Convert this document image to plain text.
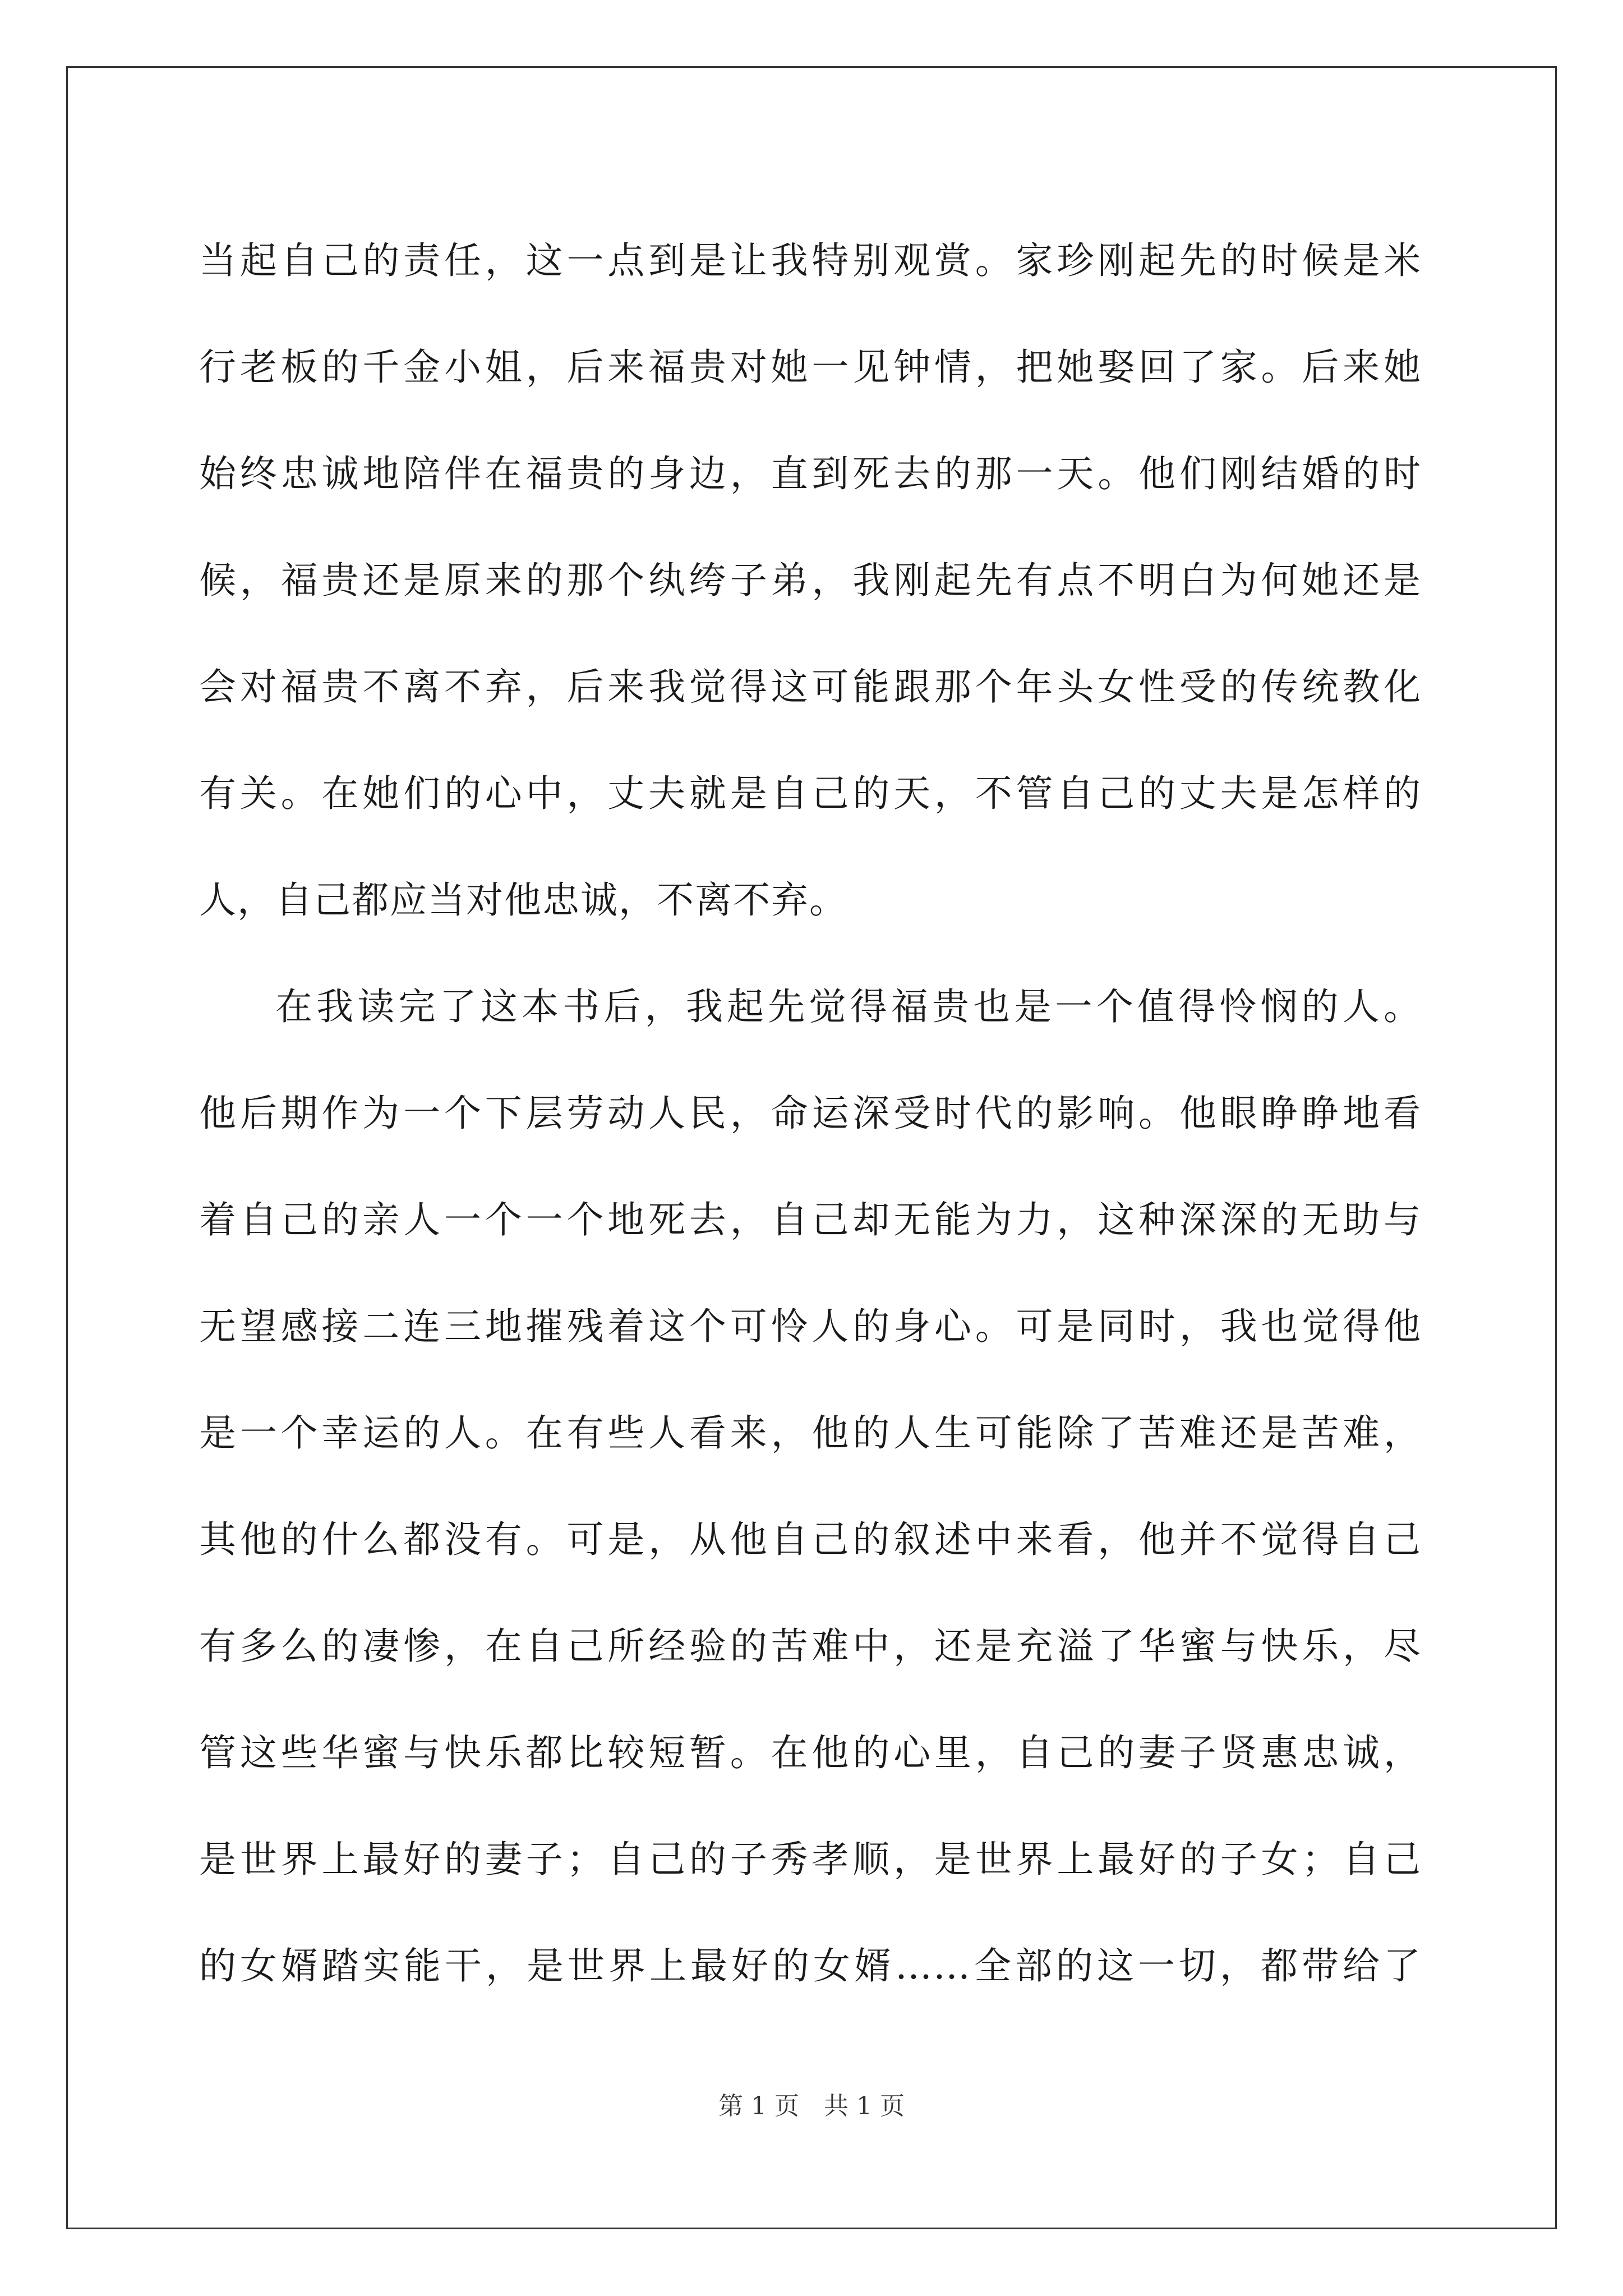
当起自己的责任，这一点到是让我特别观赏。家珍刚起先的时候是米
行老板的千金小姐，后来福贵对她一见钟情，把她娶回了家。后来她
始终忠诚地陪伴在福贵的身边，直到死去的那一天。他们刚结婚的时
候，福贵还是原来的那个纨绔子弟，我刚起先有点不明白为何她还是
会对福贵不离不弃，后来我觉得这可能跟那个年头女性受的传统教化
有关。在她们的心中，丈夫就是自己的天，不管自己的丈夫是怎样的
人，自己都应当对他忠诚，不离不弃。
在我读完了这本书后，我起先觉得福贵也是一个值得怜悯的人。
他后期作为一个下层劳动人民，命运深受时代的影响。他眼睁睁地看
着自己的亲人一个一个地死去，自己却无能为力，这种深深的无助与
无望感接二连三地摧残着这个可怜人的身心。可是同时，我也觉得他
是一个幸运的人。在有些人看来，他的人生可能除了苦难还是苦难，
其他的什么都没有。可是，从他自己的叙述中来看，他并不觉得自己
有多么的凄惨，在自己所经验的苦难中，还是充溢了华蜜与快乐，尽
管这些华蜜与快乐都比较短暂。在他的心里，自己的妻子贤惠忠诚，
是世界上最好的妻子；自己的子秀孝顺，是世界上最好的子女；自己
的女婿踏实能干，是世界上最好的女婿……全部的这一切，都带给了
第 1 页　共 1 页
